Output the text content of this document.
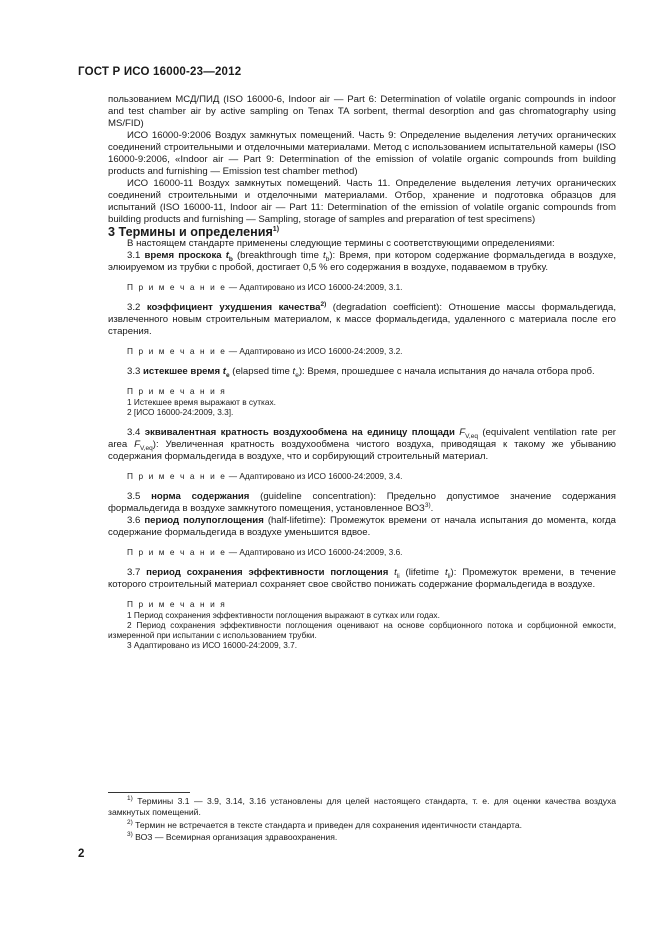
ГОСТ Р ИСО 16000-23—2012

пользованием МСД/ПИД (ISO 16000-6, Indoor air — Part 6: Determination of volatile organic compounds in indoor and test chamber air by active sampling on Tenax TA sorbent, thermal desorption and gas chromatography using MS/FID)

ИСО 16000-9:2006 Воздух замкнутых помещений. Часть 9: Определение выделения летучих органических соединений строительными и отделочными материалами. Метод с использованием испытательной камеры (ISO 16000-9:2006, «Indoor air — Part 9: Determination of the emission of volatile organic compounds from building products and furnishing — Emission test chamber method)

ИСО 16000-11 Воздух замкнутых помещений. Часть 11. Определение выделения летучих органических соединений строительными и отделочными материалами. Отбор, хранение и подготовка образцов для испытаний (ISO 16000-11, Indoor air — Part 11: Determination of the emission of volatile organic compounds from building products and furnishing — Sampling, storage of samples and preparation of test specimens)

3 Термины и определения$^{1)}$

В настоящем стандарте применены следующие термины с соответствующими определениями:

3.1 время проскока $t_b$ (breakthrough time $t_b$): Время, при котором содержание формальдегида в воздухе, элюируемом из трубки с пробой, достигает 0,5 % его содержания в воздухе, подаваемом в трубку.

П р и м е ч а н и е — Адаптировано из ИСО 16000-24:2009, 3.1.

3.2 коэффициент ухудшения качества$^{2)}$ (degradation coefficient): Отношение массы формальдегида, извлеченного новым строительным материалом, к массе формальдегида, удаленного с материала после его старения.

П р и м е ч а н и е — Адаптировано из ИСО 16000-24:2009, 3.2.

3.3 истекшее время $t_e$ (elapsed time $t_e$): Время, прошедшее с начала испытания до начала отбора проб.

П р и м е ч а н и я

1 Истекшее время выражают в сутках.

2 [ИСО 16000-24:2009, 3.3].

3.4 эквивалентная кратность воздухообмена на единицу площади $F_{V,eq}$ (equivalent ventilation rate per area $F_{V,eq}$): Увеличенная кратность воздухообмена чистого воздуха, приводящая к такому же убыванию содержания формальдегида в воздухе, что и сорбирующий строительный материал.

П р и м е ч а н и е — Адаптировано из ИСО 16000-24:2009, 3.4.

3.5 норма содержания (guideline concentration): Предельно допустимое значение содержания формальдегида в воздухе замкнутого помещения, установленное ВОЗ$^{3)}$.

3.6 период полупоглощения (half-lifetime): Промежуток времени от начала испытания до момента, когда содержание формальдегида в воздухе уменьшится вдвое.

П р и м е ч а н и е — Адаптировано из ИСО 16000-24:2009, 3.6.

3.7 период сохранения эффективности поглощения $t_{li}$ (lifetime $t_{li}$): Промежуток времени, в течение которого строительный материал сохраняет свое свойство понижать содержание формальдегида в воздухе.

П р и м е ч а н и я

1 Период сохранения эффективности поглощения выражают в сутках или годах.

2 Период сохранения эффективности поглощения оценивают на основе сорбционного потока и сорбционной емкости, измеренной при испытании с использованием трубки.

3 Адаптировано из ИСО 16000-24:2009, 3.7.

$^{1)}$ Термины 3.1 — 3.9, 3.14, 3.16 установлены для целей настоящего стандарта, т. е. для оценки качества воздуха замкнутых помещений.

$^{2)}$ Термин не встречается в тексте стандарта и приведен для сохранения идентичности стандарта.

$^{3)}$ ВОЗ — Всемирная организация здравоохранения.

2
